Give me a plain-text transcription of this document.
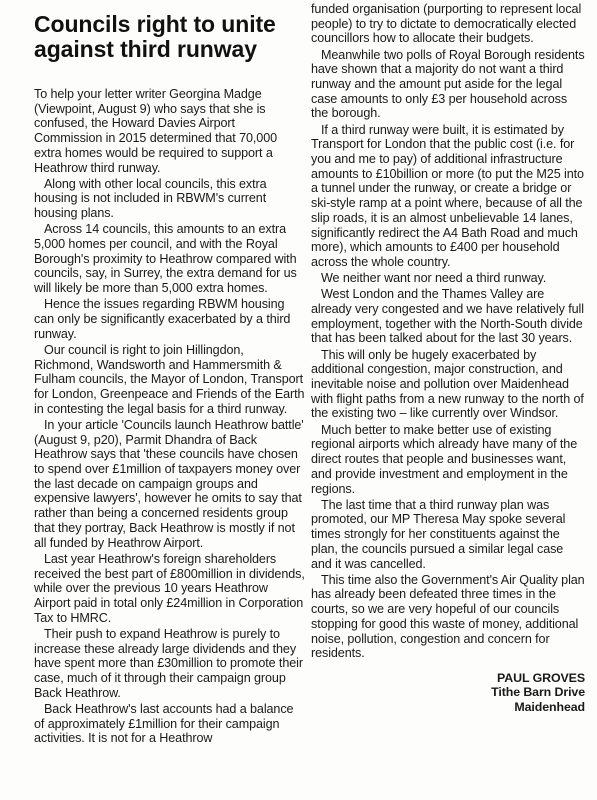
Councils right to unite against third runway

To help your letter writer Georgina Madge (Viewpoint, August 9) who says that she is confused, the Howard Davies Airport Commission in 2015 determined that 70,000 extra homes would be required to support a Heathrow third runway.

Along with other local councils, this extra housing is not included in RBWM's current housing plans.

Across 14 councils, this amounts to an extra 5,000 homes per council, and with the Royal Borough's proximity to Heathrow compared with councils, say, in Surrey, the extra demand for us will likely be more than 5,000 extra homes.

Hence the issues regarding RBWM housing can only be significantly exacerbated by a third runway.

Our council is right to join Hillingdon, Richmond, Wandsworth and Hammersmith & Fulham councils, the Mayor of London, Transport for London, Greenpeace and Friends of the Earth in contesting the legal basis for a third runway.

In your article 'Councils launch Heathrow battle' (August 9, p20), Parmit Dhandra of Back Heathrow says that 'these councils have chosen to spend over £1million of taxpayers money over the last decade on campaign groups and expensive lawyers', however he omits to say that rather than being a concerned residents group that they portray, Back Heathrow is mostly if not all funded by Heathrow Airport.

Last year Heathrow's foreign shareholders received the best part of £800million in dividends, while over the previous 10 years Heathrow Airport paid in total only £24million in Corporation Tax to HMRC.

Their push to expand Heathrow is purely to increase these already large dividends and they have spent more than £30million to promote their case, much of it through their campaign group Back Heathrow.

Back Heathrow's last accounts had a balance of approximately £1million for their campaign activities. It is not for a Heathrow

funded organisation (purporting to represent local people) to try to dictate to democratically elected councillors how to allocate their budgets.

Meanwhile two polls of Royal Borough residents have shown that a majority do not want a third runway and the amount put aside for the legal case amounts to only £3 per household across the borough.

If a third runway were built, it is estimated by Transport for London that the public cost (i.e. for you and me to pay) of additional infrastructure amounts to £10billion or more (to put the M25 into a tunnel under the runway, or create a bridge or ski-style ramp at a point where, because of all the slip roads, it is an almost unbelievable 14 lanes, significantly redirect the A4 Bath Road and much more), which amounts to £400 per household across the whole country.

We neither want nor need a third runway.

West London and the Thames Valley are already very congested and we have relatively full employment, together with the North-South divide that has been talked about for the last 30 years.

This will only be hugely exacerbated by additional congestion, major construction, and inevitable noise and pollution over Maidenhead with flight paths from a new runway to the north of the existing two – like currently over Windsor.

Much better to make better use of existing regional airports which already have many of the direct routes that people and businesses want, and provide investment and employment in the regions.

The last time that a third runway plan was promoted, our MP Theresa May spoke several times strongly for her constituents against the plan, the councils pursued a similar legal case and it was cancelled.

This time also the Government's Air Quality plan has already been defeated three times in the courts, so we are very hopeful of our councils stopping for good this waste of money, additional noise, pollution, congestion and concern for residents.

PAUL GROVES
Tithe Barn Drive
Maidenhead
